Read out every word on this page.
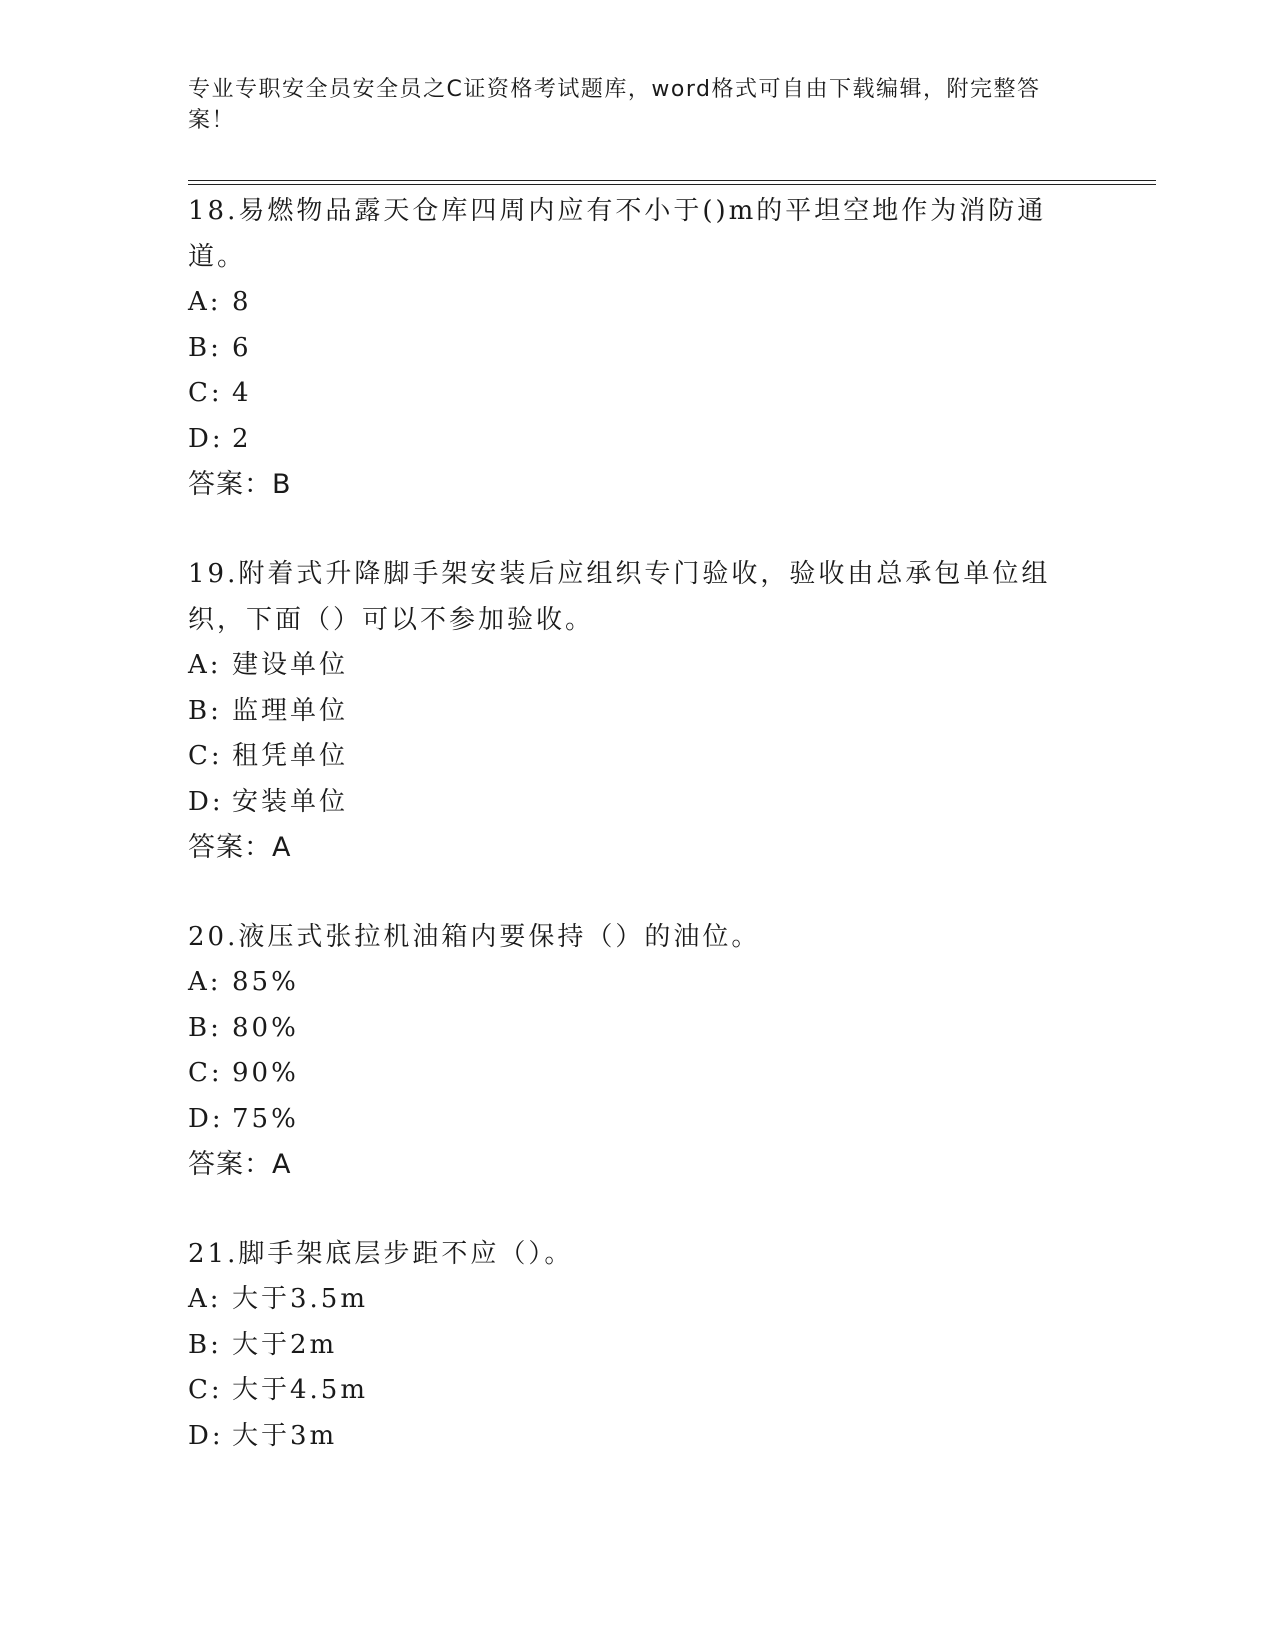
专业专职安全员安全员之C证资格考试题库，word格式可自由下载编辑，附完整答案！

18.易燃物品露天仓库四周内应有不小于()m的平坦空地作为消防通道。

A: 8
B: 6
C: 4
D: 2

答案：B

19.附着式升降脚手架安装后应组织专门验收，验收由总承包单位组织，下面（）可以不参加验收。

A: 建设单位
B: 监理单位
C: 租凭单位
D: 安装单位

答案：A

20.液压式张拉机油箱内要保持（）的油位。

A: 85%
B: 80%
C: 90%
D: 75%

答案：A

21.脚手架底层步距不应（）。

A: 大于3.5m
B: 大于2m
C: 大于4.5m
D: 大于3m
